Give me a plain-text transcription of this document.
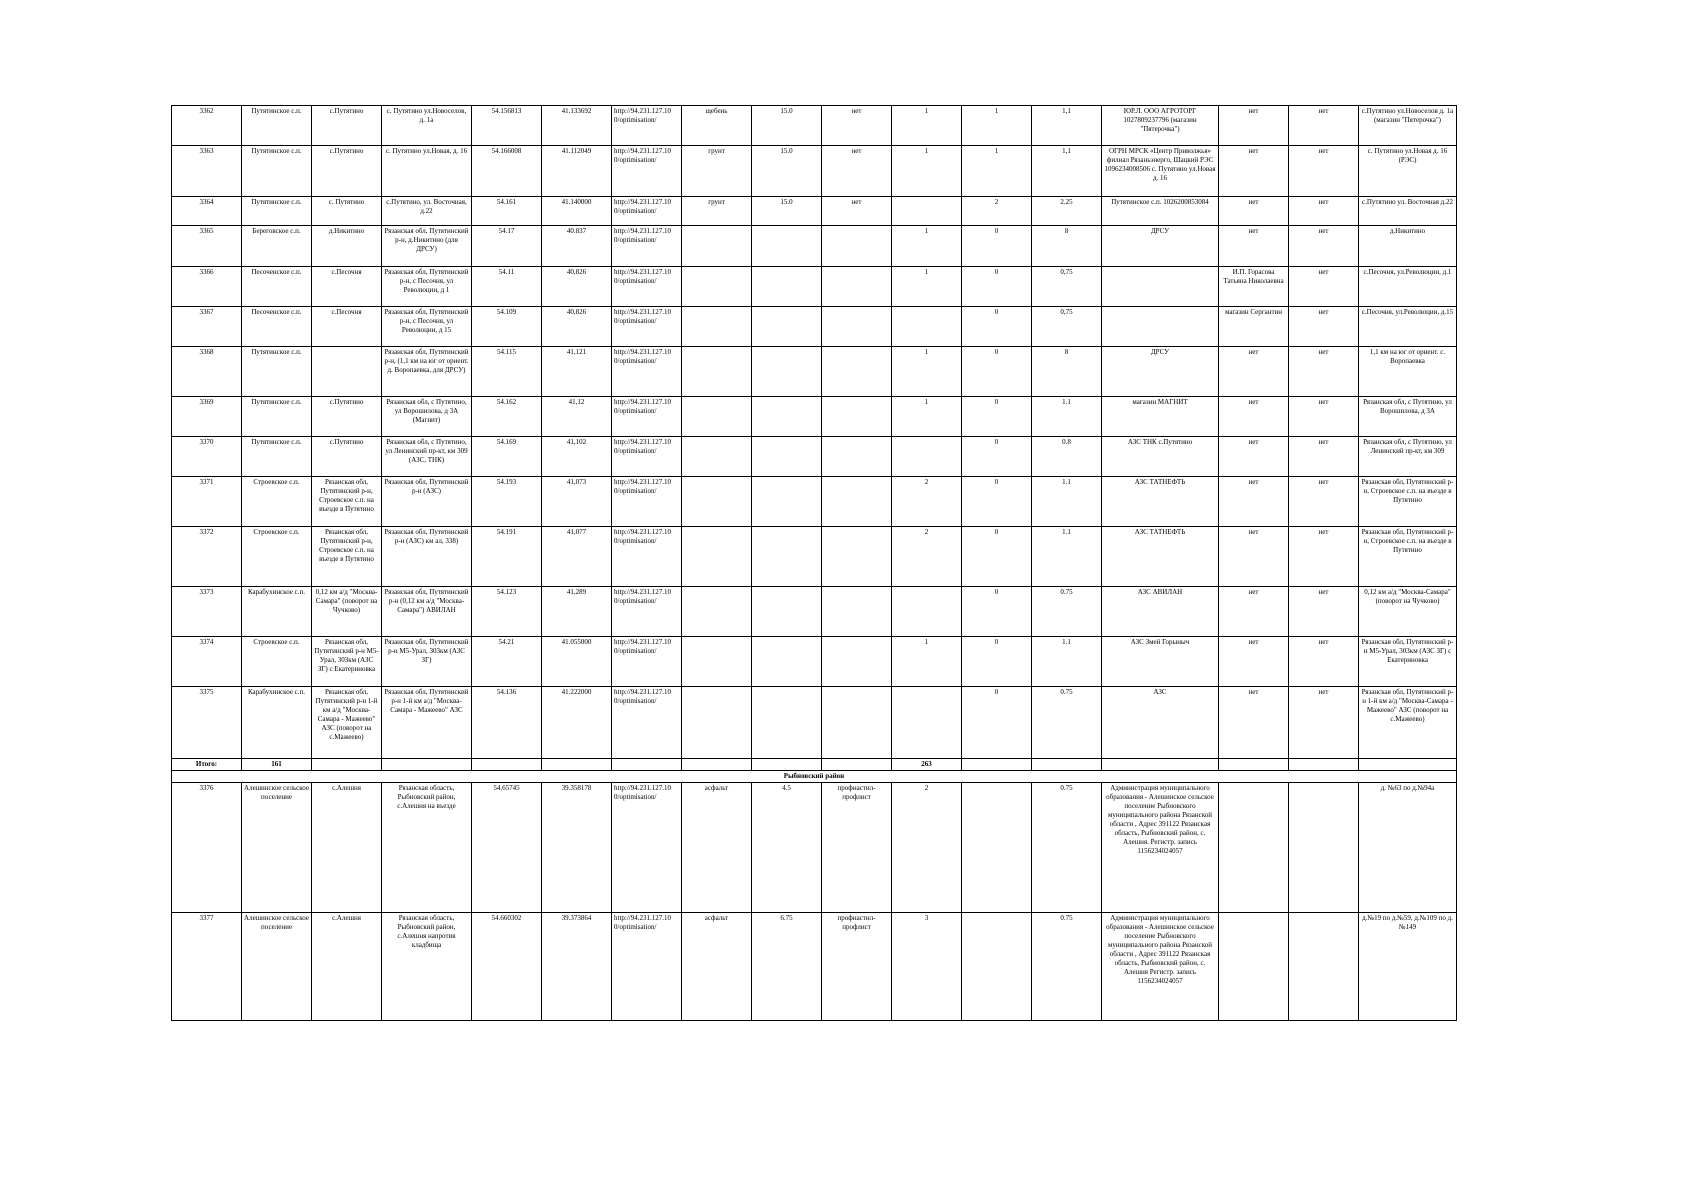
3362	Путятинское с.п.	с.Путятино	с. Путятино ул.Новоселов, д. 1а	54.156813	41.133692	http://94.231.127.10 0/optimisation/	щебень	15.0	нет	1	1	1,1	ЮР.Л. ООО АГРОТОРГ 1027809237796 (магазин "Пятерочка")	нет	нет	с.Путятино ул.Новоселов д. 1а (магазин "Пятерочка")
3363	Путятинское с.п.	с.Путятино	с. Путятино ул.Новая, д. 16	54.166008	41.112049	http://94.231.127.10 0/optimisation/	грунт	15.0	нет	1	1	1,1	ОГРН МРСК «Центр Приволжья» филиал Рязаньэнерго, Шацкий РЭС 1096234008506 с. Путятино ул.Новая д. 16	нет	нет	с. Путятино ул.Новая д. 16 (РЭС)
3364	Путятинское с.п.	с. Путятино	с.Путятино, ул. Восточная, д.22	54.161	41.140000	http://94.231.127.10 0/optimisation/	грунт	15.0	нет		2	2.25	Путятинское с.п. 1026200853084	нет	нет	с.Путятино ул. Восточная д.22
3365	Береговское с.п.	д.Никитино	Рязанская обл, Путятинский р-н, д.Никитино (для ДРСУ)	54.17	40.837	http://94.231.127.10 0/optimisation/				1	0	8	ДРСУ	нет	нет	д.Никитино
3366	Песоченское с.п.	с.Песочня	Рязанская обл, Путятинский р-н, с Песочня, ул Революции, д 1	54.11	40,826	http://94.231.127.10 0/optimisation/				1	0	0,75		И.П. Горасова Татьяна Николаевна	нет	с.Песочня, ул.Революции, д.1
3367	Песоченское с.п.	с.Песочня	Рязанская обл, Путятинский р-н, с Песочня, ул Революции, д 15	54.109	40,826	http://94.231.127.10 0/optimisation/					0	0,75		магазин Сергантин	нет	с.Песочня, ул.Революции, д.15
3368	Путятинское с.п.		Рязанская обл, Путятинский р-н, (1,1 км на юг от ориент. д. Воропаевка, для ДРСУ)	54.115	41,121	http://94.231.127.10 0/optimisation/				1	0	8	ДРСУ	нет	нет	1,1 км на юг от ориент. с. Воропаевка
3369	Путятинское с.п.	с.Путятино	Рязанская обл, с Путятино, ул Ворошилова, д 3А (Магнит)	54.162	41,12	http://94.231.127.10 0/optimisation/				1	0	1.1	магазин МАГНИТ	нет	нет	Рязанская обл, с Путятино, ул Ворошилова, д 3А
3370	Путятинское с.п.	с.Путятино	Рязанская обл, с Путятино, ул Ленинский пр-кт, км 309 (АЗС, ТНК)	54.169	41,102	http://94.231.127.10 0/optimisation/					0	0.8	АЗС ТНК с.Путятино	нет	нет	Рязанская обл, с Путятино, ул Ленинский пр-кт, км 309
3371	Строевское с.п.	Рязанская обл, Путятинский р-н, Строевское с.п. на въезде в Путятино	Рязанская обл, Путятинский р-н (АЗС)	54.193	41,073	http://94.231.127.10 0/optimisation/				2	0	1.1	АЗС ТАТНЕФТЬ	нет	нет	Рязанская обл, Путятинский р-н, Строевское с.п. на въезде в Путятино
3372	Строевское с.п.	Рязанская обл, Путятинский р-н, Строевское с.п. на въезде в Путятино	Рязанская обл, Путятинский р-н (АЗС) км ал, 338)	54.191	41,077	http://94.231.127.10 0/optimisation/				2	0	1.1	АЗС ТАТНЕФТЬ	нет	нет	Рязанская обл, Путятинский р-н, Строевское с.п. на въезде в Путятино
3373	Карабухинское с.п.	0,12 км а/д "Москва-Самара" (поворот на Чучково)	Рязанская обл, Путятинский р-н (0,12 км а/д "Москва-Самара") АВИЛАН	54.123	41,289	http://94.231.127.10 0/optimisation/					0	0.75	АЗС АВИЛАН	нет	нет	0,12 км а/д "Москва-Самара" (поворот на Чучково)
3374	Строевское с.п.	Рязанская обл, Путятинский р-н М5-Урал, 303км (АЗС ЗГ) с Екатериновка	Рязанская обл, Путятинский р-н М5-Урал, 303км (АЗС ЗГ)	54.21	41.055000	http://94.231.127.10 0/optimisation/				1	0	1.1	АЗС Змей Горыныч	нет	нет	Рязанская обл, Путятинский р-н М5-Урал, 303км (АЗС ЗГ) с Екатериновка
3375	Карабухинское с.п.	Рязанская обл, Путятинский р-н 1-й км а/д "Москва-Самара - Мажеево" АЗС (поворот на с.Мажеево)	Рязанская обл, Путятинский р-н 1-й км а/д "Москва-Самара - Мажеево" АЗС	54.136	41.222000	http://94.231.127.10 0/optimisation/					0	0.75	АЗС	нет	нет	Рязанская обл, Путятинский р-н 1-й км а/д "Москва-Самара - Мажеево" АЗС (поворот на с.Мажеево)
Итого:	161									263						
Рыбновский район																
3376	Алешинское сельское поселение	с.Алешня	Рязанская область, Рыбновский район, с.Алешня на въезде	54.65745	39.358178	http://94.231.127.10 0/optimisation/	асфальт	4.5	профнастил-профлист	2		0.75	Администрация муниципального образования - Алешинское сельское поселение Рыбновского муниципального района Рязанской области , Адрес 391122 Рязанская область, Рыбновский район, с. Алешня. Регистр. запись 1156234024057			д. №63 по д.№94а
3377	Алешинское сельское поселение	с.Алешня	Рязанская область, Рыбновский район, с.Алешня напротив кладбища	54.660302	39.373864	http://94.231.127.10 0/optimisation/	асфальт	6.75	профнастил-профлист	3		0.75	Администрация муниципального образования - Алешинское сельское поселение Рыбновского муниципального района Рязанской области , Адрес 391122 Рязанская область, Рыбновский район, с. Алешня Регистр. запись 1156234024057			д.№19 по д.№59, д.№109 по д.№149
